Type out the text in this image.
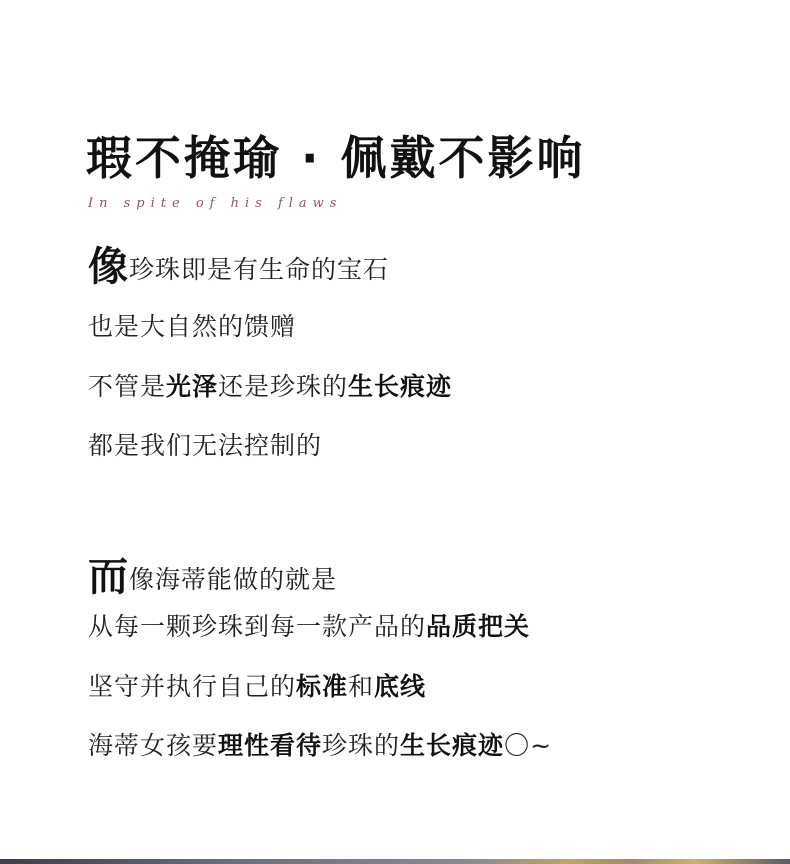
瑕不掩瑜 · 佩戴不影响
In spite of his flaws
像珍珠即是有生命的宝石
也是大自然的馈赠
不管是光泽还是珍珠的生长痕迹
都是我们无法控制的
而像海蒂能做的就是
从每一颗珍珠到每一款产品的品质把关
坚守并执行自己的标准和底线
海蒂女孩要理性看待珍珠的生长痕迹〇~
